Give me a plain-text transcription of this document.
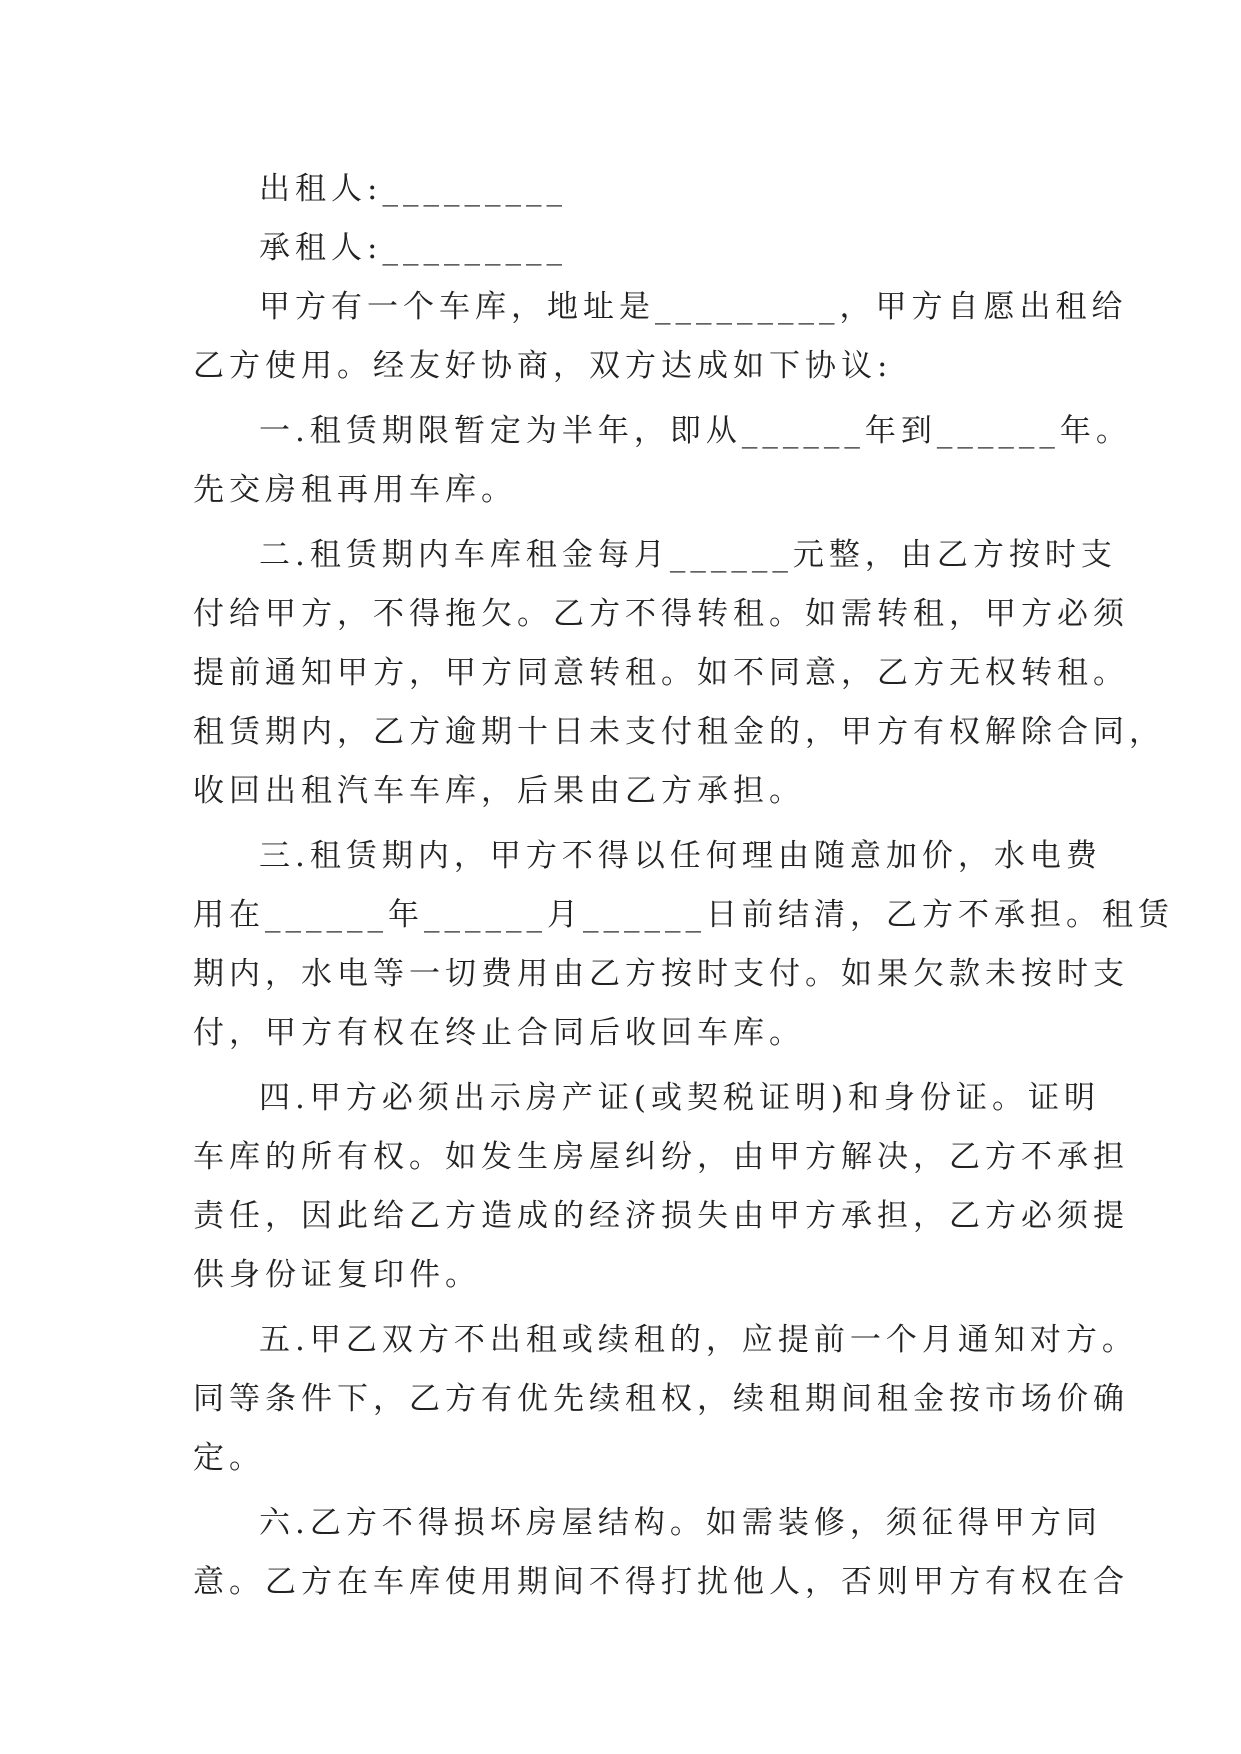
出租人:_________
承租人:_________
甲方有一个车库，地址是_________，甲方自愿出租给
乙方使用。经友好协商，双方达成如下协议:
一.租赁期限暂定为半年，即从______年到______年。
先交房租再用车库。
二.租赁期内车库租金每月______元整，由乙方按时支
付给甲方，不得拖欠。乙方不得转租。如需转租，甲方必须
提前通知甲方，甲方同意转租。如不同意，乙方无权转租。
租赁期内，乙方逾期十日未支付租金的，甲方有权解除合同，
收回出租汽车车库，后果由乙方承担。
三.租赁期内，甲方不得以任何理由随意加价，水电费
用在______年______月______日前结清，乙方不承担。租赁
期内，水电等一切费用由乙方按时支付。如果欠款未按时支
付，甲方有权在终止合同后收回车库。
四.甲方必须出示房产证(或契税证明)和身份证。证明
车库的所有权。如发生房屋纠纷，由甲方解决，乙方不承担
责任，因此给乙方造成的经济损失由甲方承担，乙方必须提
供身份证复印件。
五.甲乙双方不出租或续租的，应提前一个月通知对方。
同等条件下，乙方有优先续租权，续租期间租金按市场价确
定。
六.乙方不得损坏房屋结构。如需装修，须征得甲方同
意。乙方在车库使用期间不得打扰他人，否则甲方有权在合
